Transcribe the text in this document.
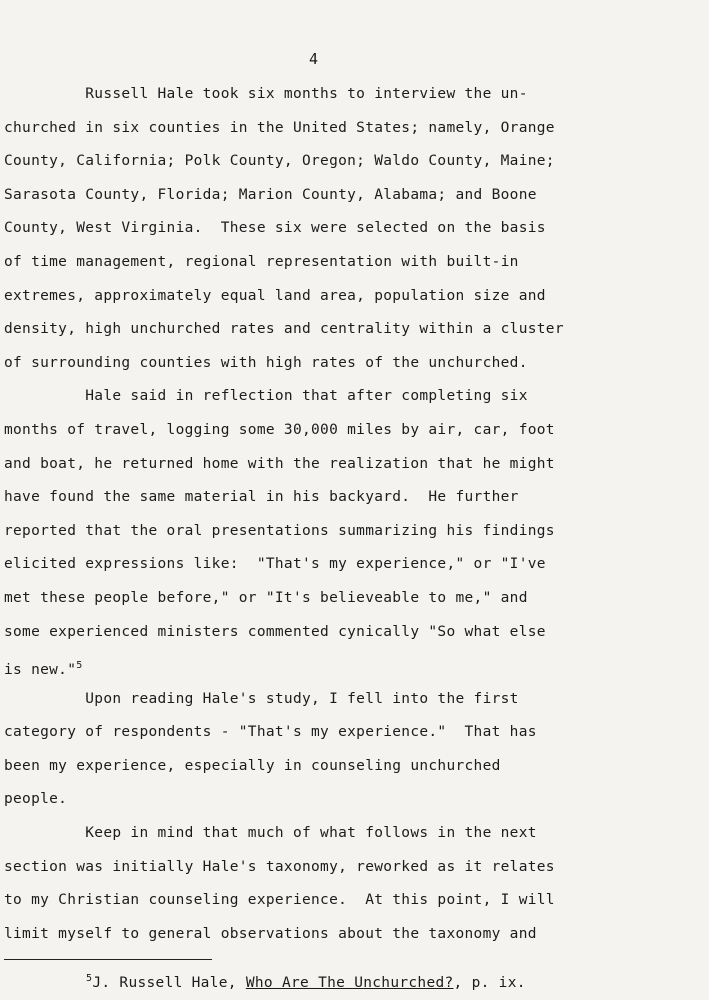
4
Russell Hale took six months to interview the un-
churched in six counties in the United States; namely, Orange
County, California; Polk County, Oregon; Waldo County, Maine;
Sarasota County, Florida; Marion County, Alabama; and Boone
County, West Virginia.  These six were selected on the basis
of time management, regional representation with built-in
extremes, approximately equal land area, population size and
density, high unchurched rates and centrality within a cluster
of surrounding counties with high rates of the unchurched.
Hale said in reflection that after completing six
months of travel, logging some 30,000 miles by air, car, foot
and boat, he returned home with the realization that he might
have found the same material in his backyard.  He further
reported that the oral presentations summarizing his findings
elicited expressions like:  "That's my experience," or "I've
met these people before," or "It's believeable to me," and
some experienced ministers commented cynically "So what else
is new."$^5$
Upon reading Hale's study, I fell into the first
category of respondents - "That's my experience."  That has
been my experience, especially in counseling unchurched
people.
Keep in mind that much of what follows in the next
section was initially Hale's taxonomy, reworked as it relates
to my Christian counseling experience.  At this point, I will
limit myself to general observations about the taxonomy and
$^5$J. Russell Hale, Who Are The Unchurched?, p. ix.
